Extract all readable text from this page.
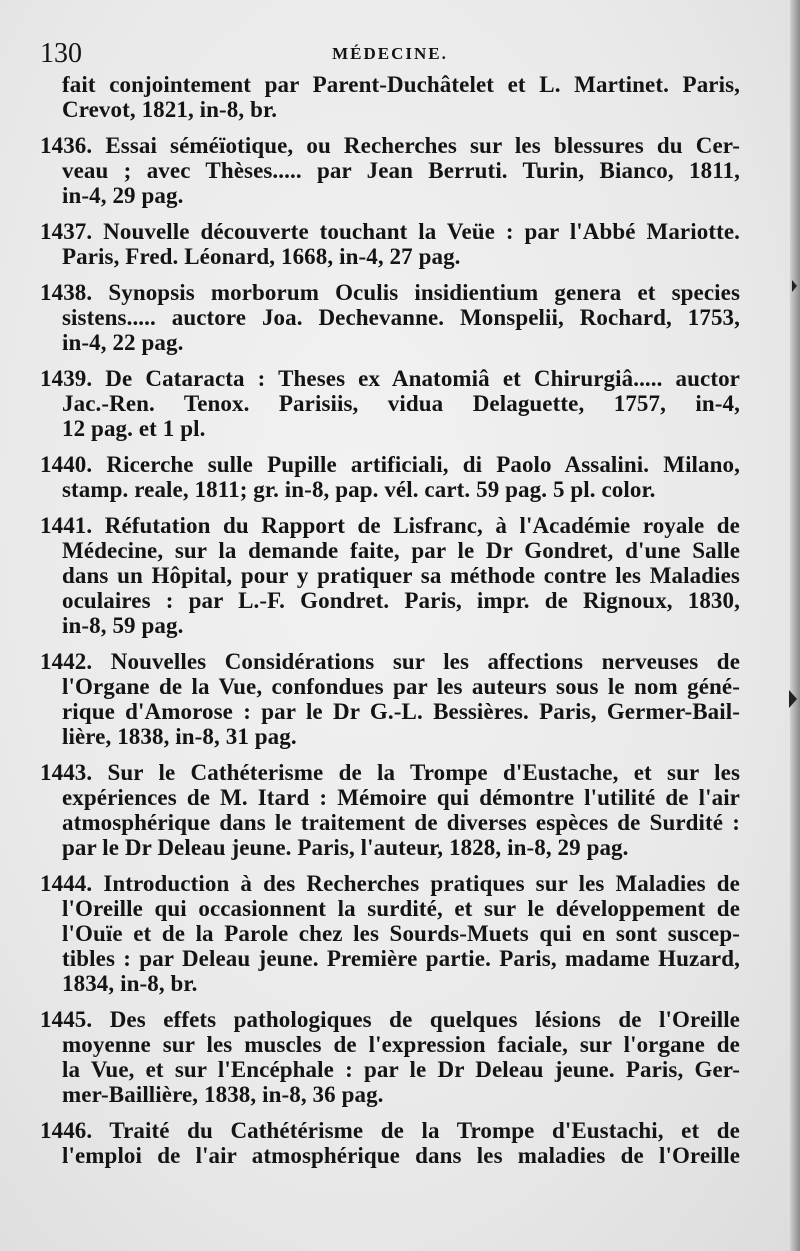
130	MÉDECINE.
fait conjointement par Parent-Duchâtelet et L. Martinet. Paris,
Crevot, 1821, in-8, br.
1436. Essai séméïotique, ou Recherches sur les blessures du Cer-
veau ; avec Thèses..... par Jean Berruti. Turin, Bianco, 1811,
in-4, 29 pag.
1437. Nouvelle découverte touchant la Veüe : par l'Abbé Mariotte.
Paris, Fred. Léonard, 1668, in-4, 27 pag.
1438. Synopsis morborum Oculis insidientium genera et species
sistens..... auctore Joa. Dechevanne. Monspelii, Rochard, 1753,
in-4, 22 pag.
1439. De Cataracta : Theses ex Anatomiâ et Chirurgiâ..... auctor
Jac.-Ren. Tenox. Parisiis, vidua Delaguette, 1757, in-4,
12 pag. et 1 pl.
1440. Ricerche sulle Pupille artificiali, di Paolo Assalini. Milano,
stamp. reale, 1811; gr. in-8, pap. vél. cart. 59 pag. 5 pl. color.
1441. Réfutation du Rapport de Lisfranc, à l'Académie royale de
Médecine, sur la demande faite, par le Dr Gondret, d'une Salle
dans un Hôpital, pour y pratiquer sa méthode contre les Maladies
oculaires : par L.-F. Gondret. Paris, impr. de Rignoux, 1830,
in-8, 59 pag.
1442. Nouvelles Considérations sur les affections nerveuses de
l'Organe de la Vue, confondues par les auteurs sous le nom géné-
rique d'Amorose : par le Dr G.-L. Bessières. Paris, Germer-Bail-
lière, 1838, in-8, 31 pag.
1443. Sur le Cathéterisme de la Trompe d'Eustache, et sur les
expériences de M. Itard : Mémoire qui démontre l'utilité de l'air
atmosphérique dans le traitement de diverses espèces de Surdité :
par le Dr Deleau jeune. Paris, l'auteur, 1828, in-8, 29 pag.
1444. Introduction à des Recherches pratiques sur les Maladies de
l'Oreille qui occasionnent la surdité, et sur le développement de
l'Ouïe et de la Parole chez les Sourds-Muets qui en sont suscep-
tibles : par Deleau jeune. Première partie. Paris, madame Huzard,
1834, in-8, br.
1445. Des effets pathologiques de quelques lésions de l'Oreille
moyenne sur les muscles de l'expression faciale, sur l'organe de
la Vue, et sur l'Encéphale : par le Dr Deleau jeune. Paris, Ger-
mer-Baillière, 1838, in-8, 36 pag.
1446. Traité du Cathétérisme de la Trompe d'Eustachi, et de
l'emploi de l'air atmosphérique dans les maladies de l'Oreille
